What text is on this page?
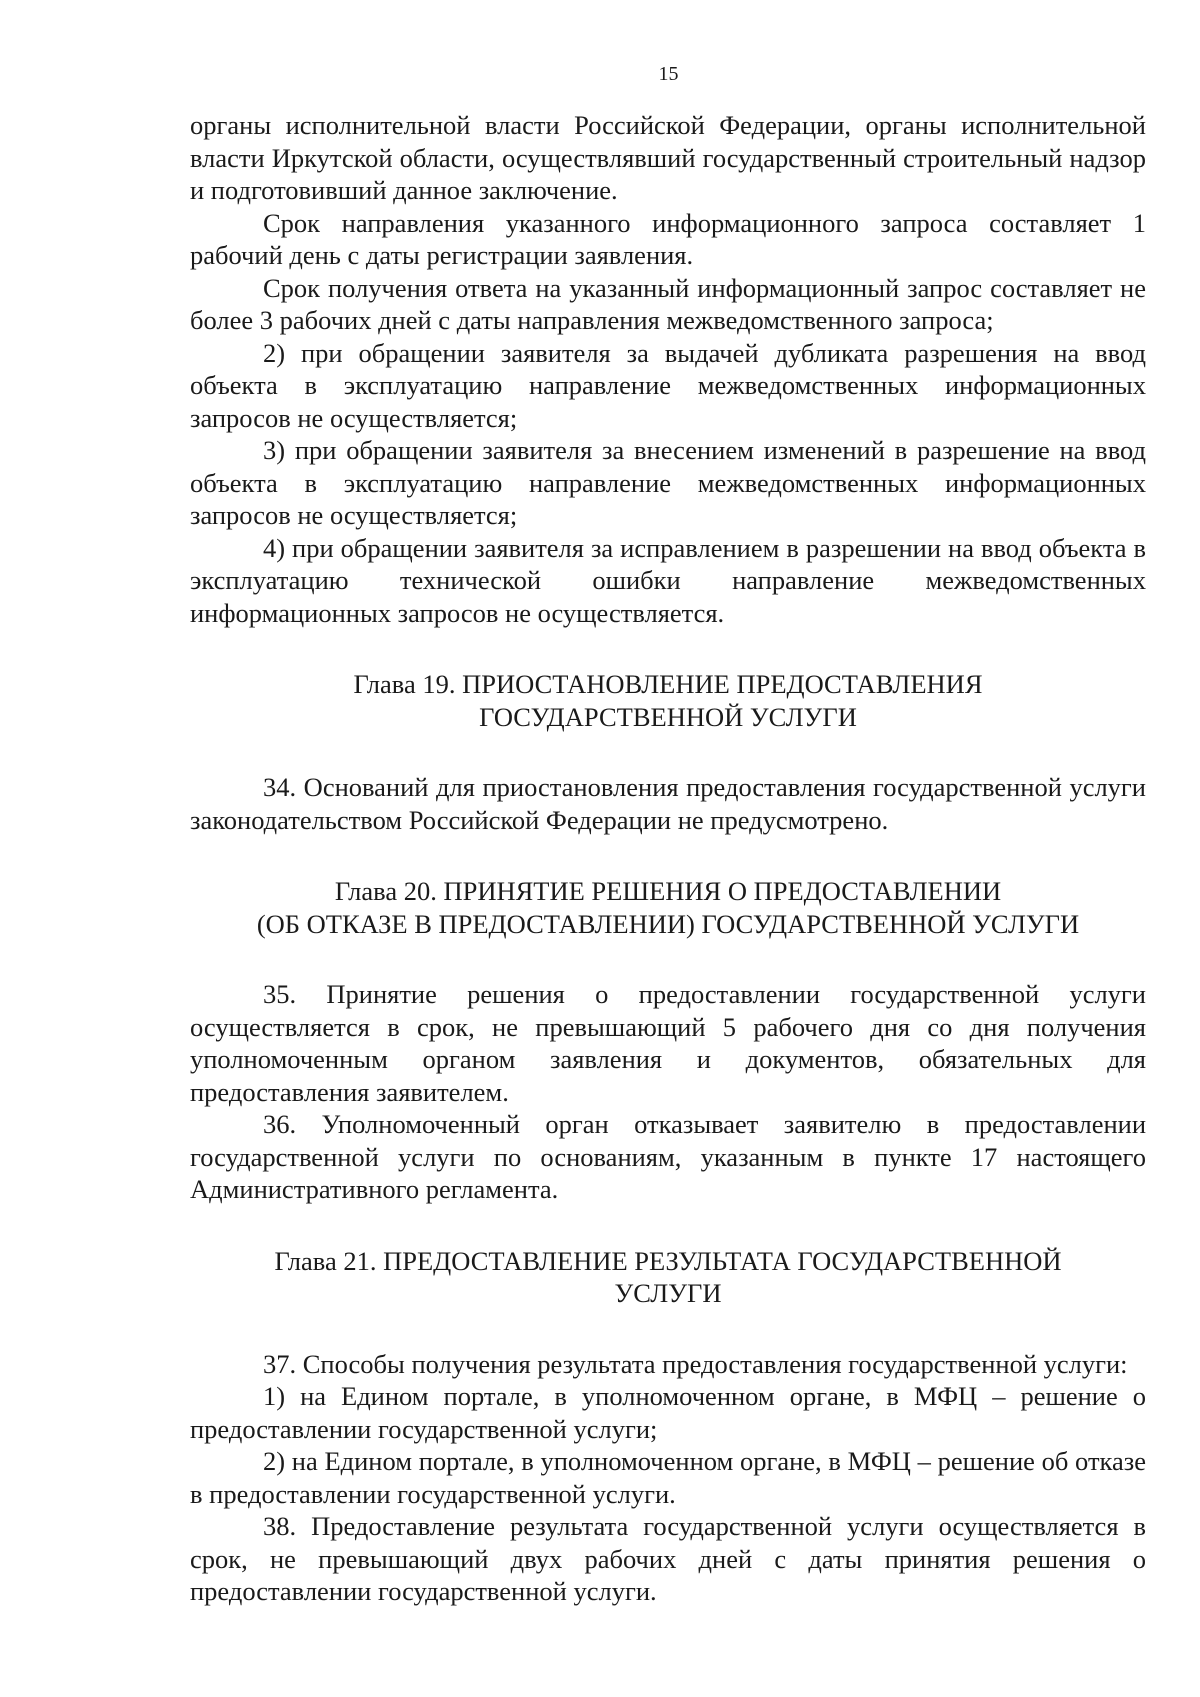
15

органы исполнительной власти Российской Федерации, органы исполнительной власти Иркутской области, осуществлявший государственный строительный надзор и подготовивший данное заключение.

Срок направления указанного информационного запроса составляет 1 рабочий день с даты регистрации заявления.

Срок получения ответа на указанный информационный запрос составляет не более 3 рабочих дней с даты направления межведомственного запроса;

2) при обращении заявителя за выдачей дубликата разрешения на ввод объекта в эксплуатацию направление межведомственных информационных запросов не осуществляется;

3) при обращении заявителя за внесением изменений в разрешение на ввод объекта в эксплуатацию направление межведомственных информационных запросов не осуществляется;

4) при обращении заявителя за исправлением в разрешении на ввод объекта в эксплуатацию технической ошибки направление межведомственных информационных запросов не осуществляется.

Глава 19. ПРИОСТАНОВЛЕНИЕ ПРЕДОСТАВЛЕНИЯ
ГОСУДАРСТВЕННОЙ УСЛУГИ

34. Оснований для приостановления предоставления государственной услуги законодательством Российской Федерации не предусмотрено.

Глава 20. ПРИНЯТИЕ РЕШЕНИЯ О ПРЕДОСТАВЛЕНИИ
(ОБ ОТКАЗЕ В ПРЕДОСТАВЛЕНИИ) ГОСУДАРСТВЕННОЙ УСЛУГИ

35. Принятие решения о предоставлении государственной услуги осуществляется в срок, не превышающий 5 рабочего дня со дня получения уполномоченным органом заявления и документов, обязательных для предоставления заявителем.

36. Уполномоченный орган отказывает заявителю в предоставлении государственной услуги по основаниям, указанным в пункте 17 настоящего Административного регламента.

Глава 21. ПРЕДОСТАВЛЕНИЕ РЕЗУЛЬТАТА ГОСУДАРСТВЕННОЙ
УСЛУГИ

37. Способы получения результата предоставления государственной услуги:

1) на Едином портале, в уполномоченном органе, в МФЦ – решение о предоставлении государственной услуги;

2) на Едином портале, в уполномоченном органе, в МФЦ – решение об отказе в предоставлении государственной услуги.

38. Предоставление результата государственной услуги осуществляется в срок, не превышающий двух рабочих дней с даты принятия решения о предоставлении государственной услуги.
